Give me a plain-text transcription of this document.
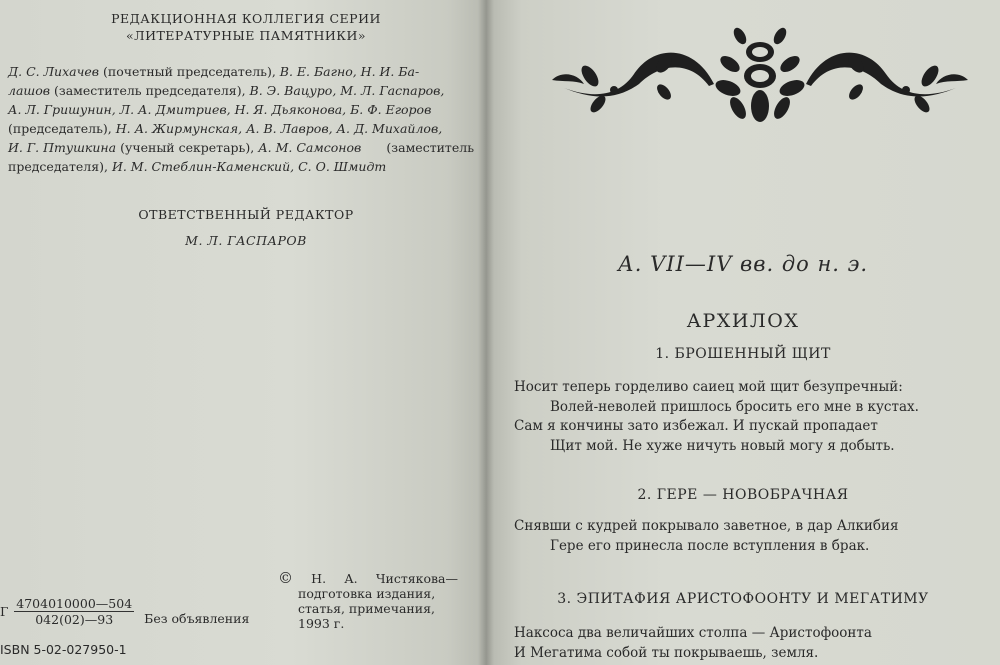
РЕДАКЦИОННАЯ КОЛЛЕГИЯ СЕРИИ
«ЛИТЕРАТУРНЫЕ ПАМЯТНИКИ»
Д. С. Лихачев (почетный председатель), В. Е. Багно, Н. И. Ба-
лашов (заместитель председателя), В. Э. Вацуро, М. Л. Гаспаров,
А. Л. Гришунин, Л. А. Дмитриев, Н. Я. Дьяконова, Б. Ф. Егоров
(председатель), Н. А. Жирмунская, А. В. Лавров, А. Д. Михайлов,
И. Г. Птушкина (ученый секретарь), А. М. Самсонов (заместитель
председателя), И. М. Стеблин-Каменский, С. О. Шмидт
ОТВЕТСТВЕННЫЙ РЕДАКТОР
М. Л. ГАСПАРОВ
Г $\frac{4704010000—504}{042(02)—93}$ Без объявления
© Н. А. Чистякова—
подготовка издания,
статья, примечания,
1993 г.
ISBN 5-02-027950-1
А. VII—IV вв. до н. э.
АРХИЛОХ
1. БРОШЕННЫЙ ЩИТ
Носит теперь горделиво саиец мой щит безупречный:
Волей-неволей пришлось бросить его мне в кустах.
Сам я кончины зато избежал. И пускай пропадает
Щит мой. Не хуже ничуть новый могу я добыть.
2. ГЕРЕ — НОВОБРАЧНАЯ
Снявши с кудрей покрывало заветное, в дар Алкибия
Гере его принесла после вступления в брак.
3. ЭПИТАФИЯ АРИСТОФООНТУ И МЕГАТИМУ
Наксоса два величайших столпа — Аристофоонта
И Мегатима собой ты покрываешь, земля.
